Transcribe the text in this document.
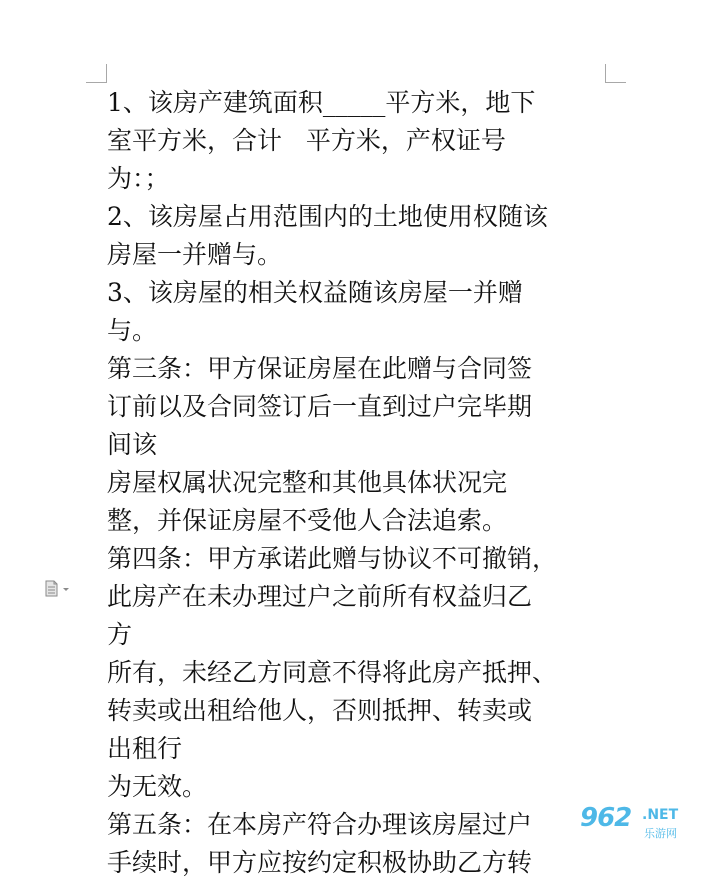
1、该房产建筑面积_____平方米，地下
室平方米，合计   平方米，产权证号
为：；
2、该房屋占用范围内的土地使用权随该
房屋一并赠与。
3、该房屋的相关权益随该房屋一并赠
与。
第三条：甲方保证房屋在此赠与合同签
订前以及合同签订后一直到过户完毕期
间该
房屋权属状况完整和其他具体状况完
整，并保证房屋不受他人合法追索。
第四条：甲方承诺此赠与协议不可撤销，
此房产在未办理过户之前所有权益归乙
方
所有，未经乙方同意不得将此房产抵押、
转卖或出租给他人，否则抵押、转卖或
出租行
为无效。
第五条：在本房产符合办理该房屋过户
手续时，甲方应按约定积极协助乙方转
962 .NET
乐游网
